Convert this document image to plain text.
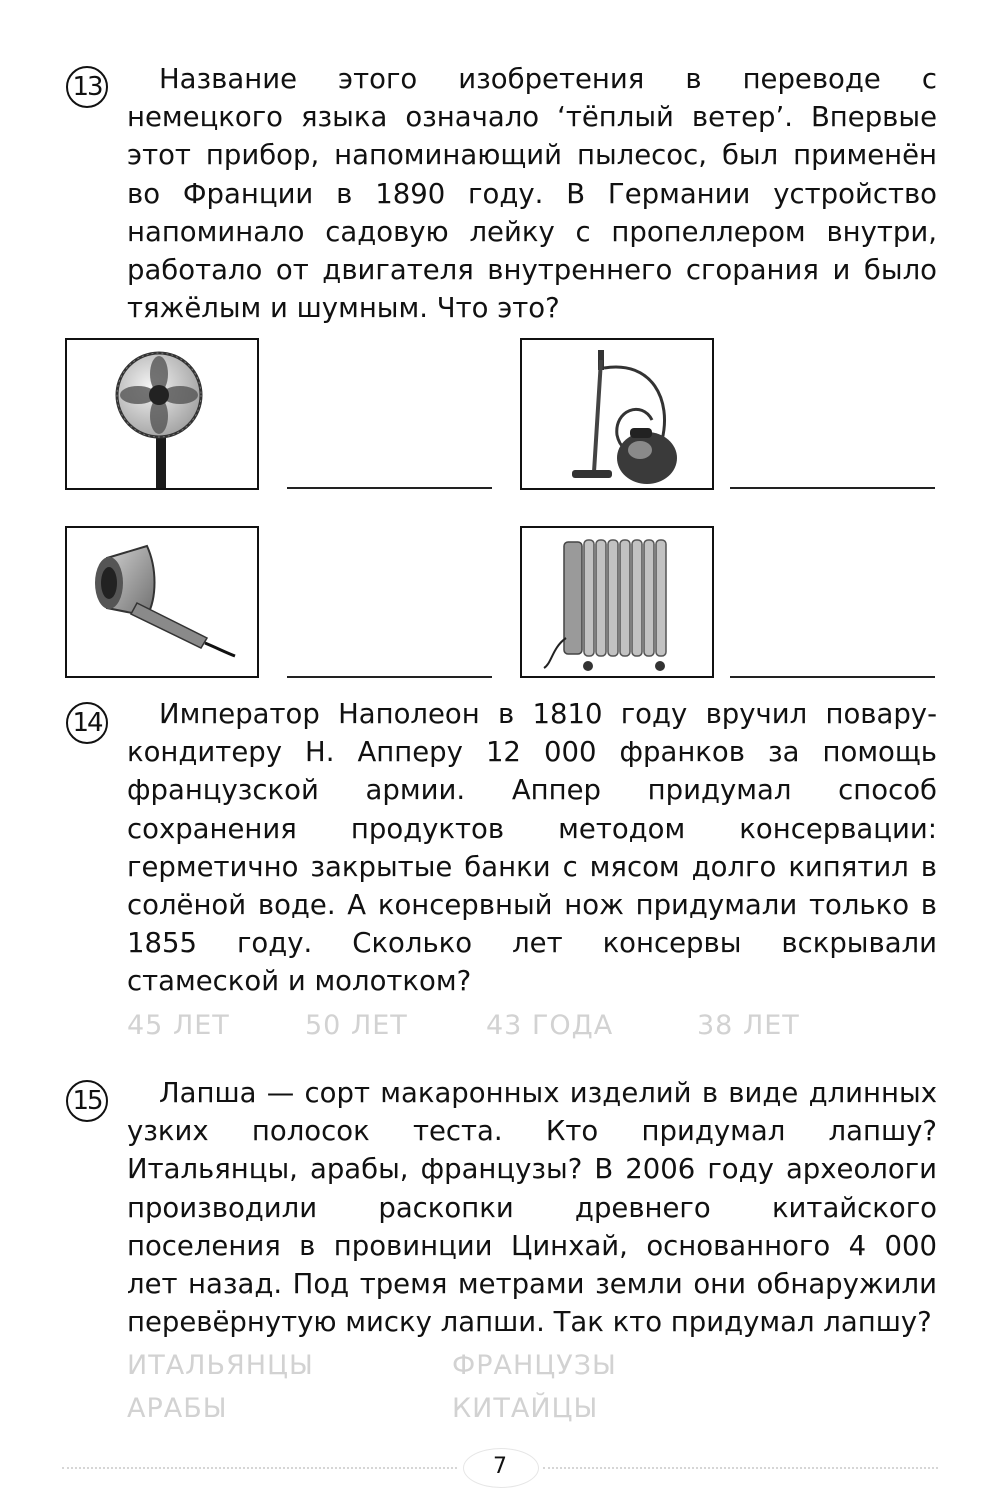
13	Название этого изобретения в переводе с немецкого языка означало ‘тёплый ветер’. Впервые этот прибор, напоминающий пылесос, был применён во Франции в 1890 году. В Германии устройство напоминало садовую лейку с пропеллером внутри, работало от двигателя внутреннего сгорания и было тяжёлым и шумным. Что это?
14	Император Наполеон в 1810 году вручил повару-кондитеру Н. Апперу 12 000 франков за помощь французской армии. Аппер придумал способ сохранения продуктов методом консервации: герметично закрытые банки с мясом долго кипятил в солёной воде. А консервный нож придумали только в 1855 году. Сколько лет консервы вскрывали стамеской и молотком?
45 ЛЕТ	50 ЛЕТ	43 ГОДА	38 ЛЕТ
15	Лапша — сорт макаронных изделий в виде длинных узких полосок теста. Кто придумал лапшу? Итальянцы, арабы, французы? В 2006 году археологи производили раскопки древнего китайского поселения в провинции Цинхай, основанного 4 000 лет назад. Под тремя метрами земли они обнаружили перевёрнутую миску лапши. Так кто придумал лапшу?
ИТАЛЬЯНЦЫ	ФРАНЦУЗЫ
АРАБЫ	КИТАЙЦЫ
7
